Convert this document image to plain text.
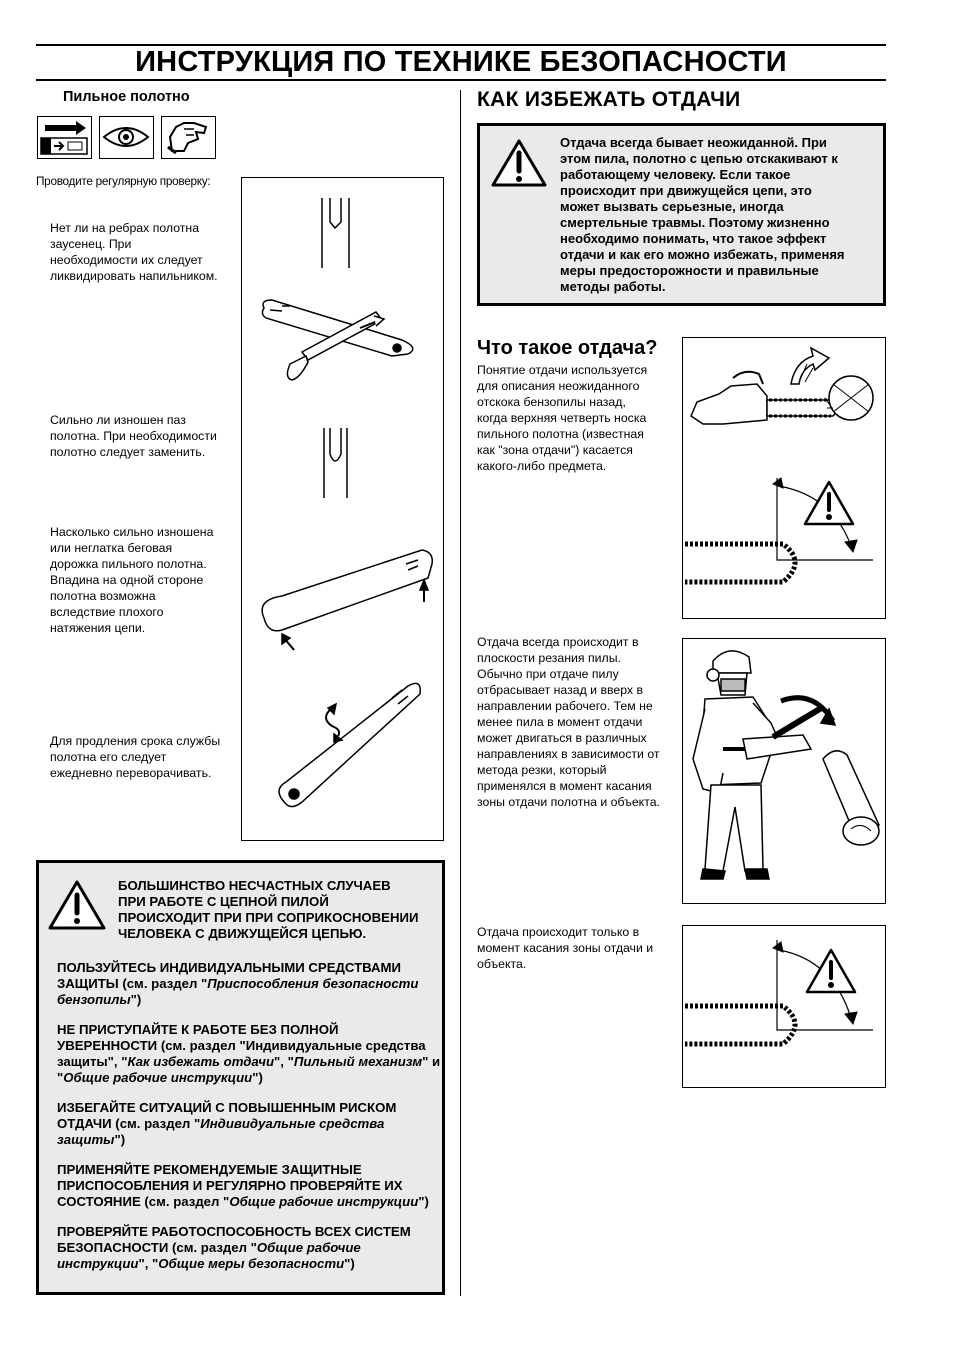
ИНСТРУКЦИЯ ПО ТЕХНИКЕ БЕЗОПАСНОСТИ
Пильное полотно
Проводите регулярную проверку:
Нет ли на ребрах полотна
заусенец. При
необходимости их следует
ликвидировать напильником.
Сильно ли изношен паз
полотна. При необходимости
полотно следует заменить.
Насколько сильно изношена
или неглатка беговая
дорожка пильного полотна.
Впадина на одной стороне
полотна возможна
вследствие плохого
натяжения цепи.
Для продления срока службы
полотна его следует
ежедневно переворачивать.
БОЛЬШИНСТВО НЕСЧАСТНЫХ СЛУЧАЕВ
ПРИ РАБОТЕ С ЦЕПНОЙ ПИЛОЙ
ПРОИСХОДИТ ПРИ ПРИ СОПРИКОСНОВЕНИИ
ЧЕЛОВЕКА С ДВИЖУЩЕЙСЯ ЦЕПЬЮ.
ПОЛЬЗУЙТЕСЬ ИНДИВИДУАЛЬНЫМИ СРЕДСТВАМИ ЗАЩИТЫ (см. раздел "Приспособления безопасности бензопилы")
НЕ ПРИСТУПАЙТЕ К РАБОТЕ БЕЗ ПОЛНОЙ УВЕРЕННОСТИ (см. раздел "Индивидуальные средства защиты", "Как избежать отдачи", "Пильный механизм" и "Общие рабочие инструкции")
ИЗБЕГАЙТЕ СИТУАЦИЙ С ПОВЫШЕННЫМ РИСКОМ ОТДАЧИ (см. раздел "Индивидуальные средства защиты")
ПРИМЕНЯЙТЕ РЕКОМЕНДУЕМЫЕ ЗАЩИТНЫЕ ПРИСПОСОБЛЕНИЯ И РЕГУЛЯРНО ПРОВЕРЯЙТЕ ИХ СОСТОЯНИЕ (см. раздел "Общие рабочие инструкции")
ПРОВЕРЯЙТЕ РАБОТОСПОСОБНОСТЬ ВСЕХ СИСТЕМ БЕЗОПАСНОСТИ (см. раздел "Общие рабочие инструкции", "Общие меры безопасности")
КАК ИЗБЕЖАТЬ ОТДАЧИ
Отдача всегда бывает неожиданной. При
этом пила, полотно с цепью отскакивают к
работающему человеку. Если такое
происходит при движущейся цепи, это
может вызвать серьезные, иногда
смертельные травмы. Поэтому жизненно
необходимо понимать, что такое эффект
отдачи и как его можно избежать, применяя
меры предосторожности и правильные
методы работы.
Что такое отдача?
Понятие отдачи используется
для описания неожиданного
отскока бензопилы назад,
когда верхняя четверть носка
пильного полотна (известная
как "зона отдачи") касается
какого-либо предмета.
Отдача всегда происходит в
плоскости резания пилы.
Обычно при отдаче пилу
отбрасывает назад и вверх в
направлении рабочего. Тем не
менее пила в момент отдачи
может двигаться в различных
направлениях в зависимости от
метода резки, который
применялся в момент касания
зоны отдачи полотна и объекта.
Отдача происходит только в
момент касания зоны отдачи и
объекта.
